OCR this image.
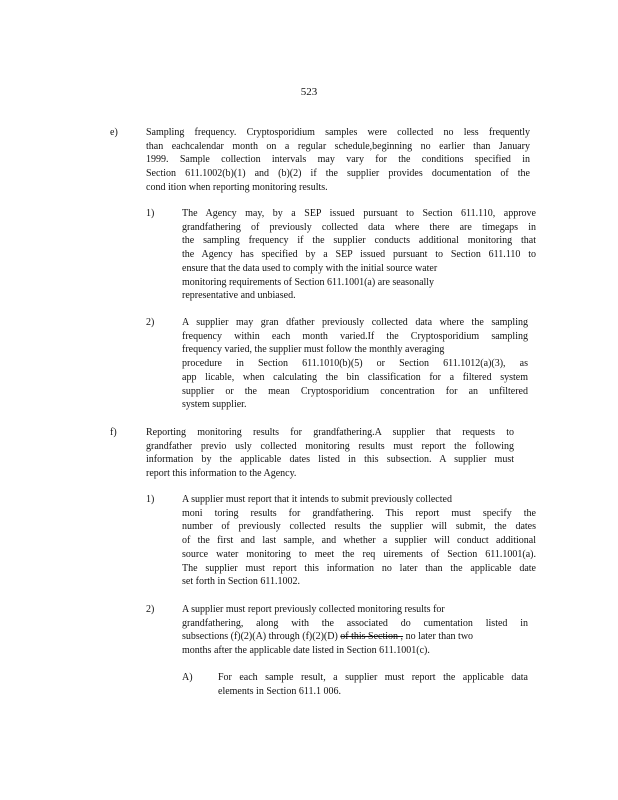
523
e)	Sampling frequency. Cryptosporidium samples were collected no less frequently
than eachcalendar month on a regular schedule,beginning no earlier than January
1999. Sample collection intervals may vary for the conditions specified in
Section 611.1002(b)(1) and (b)(2) if the supplier provides documentation of the
cond ition when reporting monitoring results.
1)	The Agency may, by a SEP issued pursuant to Section 611.110, approve
grandfathering of previously collected data where there are timegaps in
the sampling frequency if the supplier conducts additional monitoring that
the Agency has specified by a SEP issued pursuant to Section 611.110 to
ensure that the data used to comply with the initial source water
monitoring requirements of Section 611.1001(a) are seasonally
representative and unbiased.
2)	A supplier may gran dfather previously collected data where the sampling
frequency within each month varied.If the Cryptosporidium sampling
frequency varied, the supplier must follow the monthly averaging
procedure in Section 611.1010(b)(5) or Section 611.1012(a)(3), as
app licable, when calculating the bin classification for a filtered system
supplier or the mean Cryptosporidium concentration for an unfiltered
system supplier.
f)	Reporting monitoring results for grandfathering.A supplier that requests to
grandfather previo usly collected monitoring results must report the following
information by the applicable dates listed in this subsection. A supplier must
report this information to the Agency.
1)	A supplier must report that it intends to submit previously collected
moni toring results for grandfathering. This report must specify the
number of previously collected results the supplier will submit, the dates
of the first and last sample, and whether a supplier will conduct additional
source water monitoring to meet the req uirements of Section 611.1001(a).
The supplier must report this information no later than the applicable date
set forth in Section 611.1002.
2)	A supplier must report previously collected monitoring results for
grandfathering, along with the associated do cumentation listed in
subsections (f)(2)(A) through (f)(2)(D) of this Section , no later than two
months after the applicable date listed in Section 611.1001(c).
A)	For each sample result, a supplier must report the applicable data
elements in Section 611.1 006.
